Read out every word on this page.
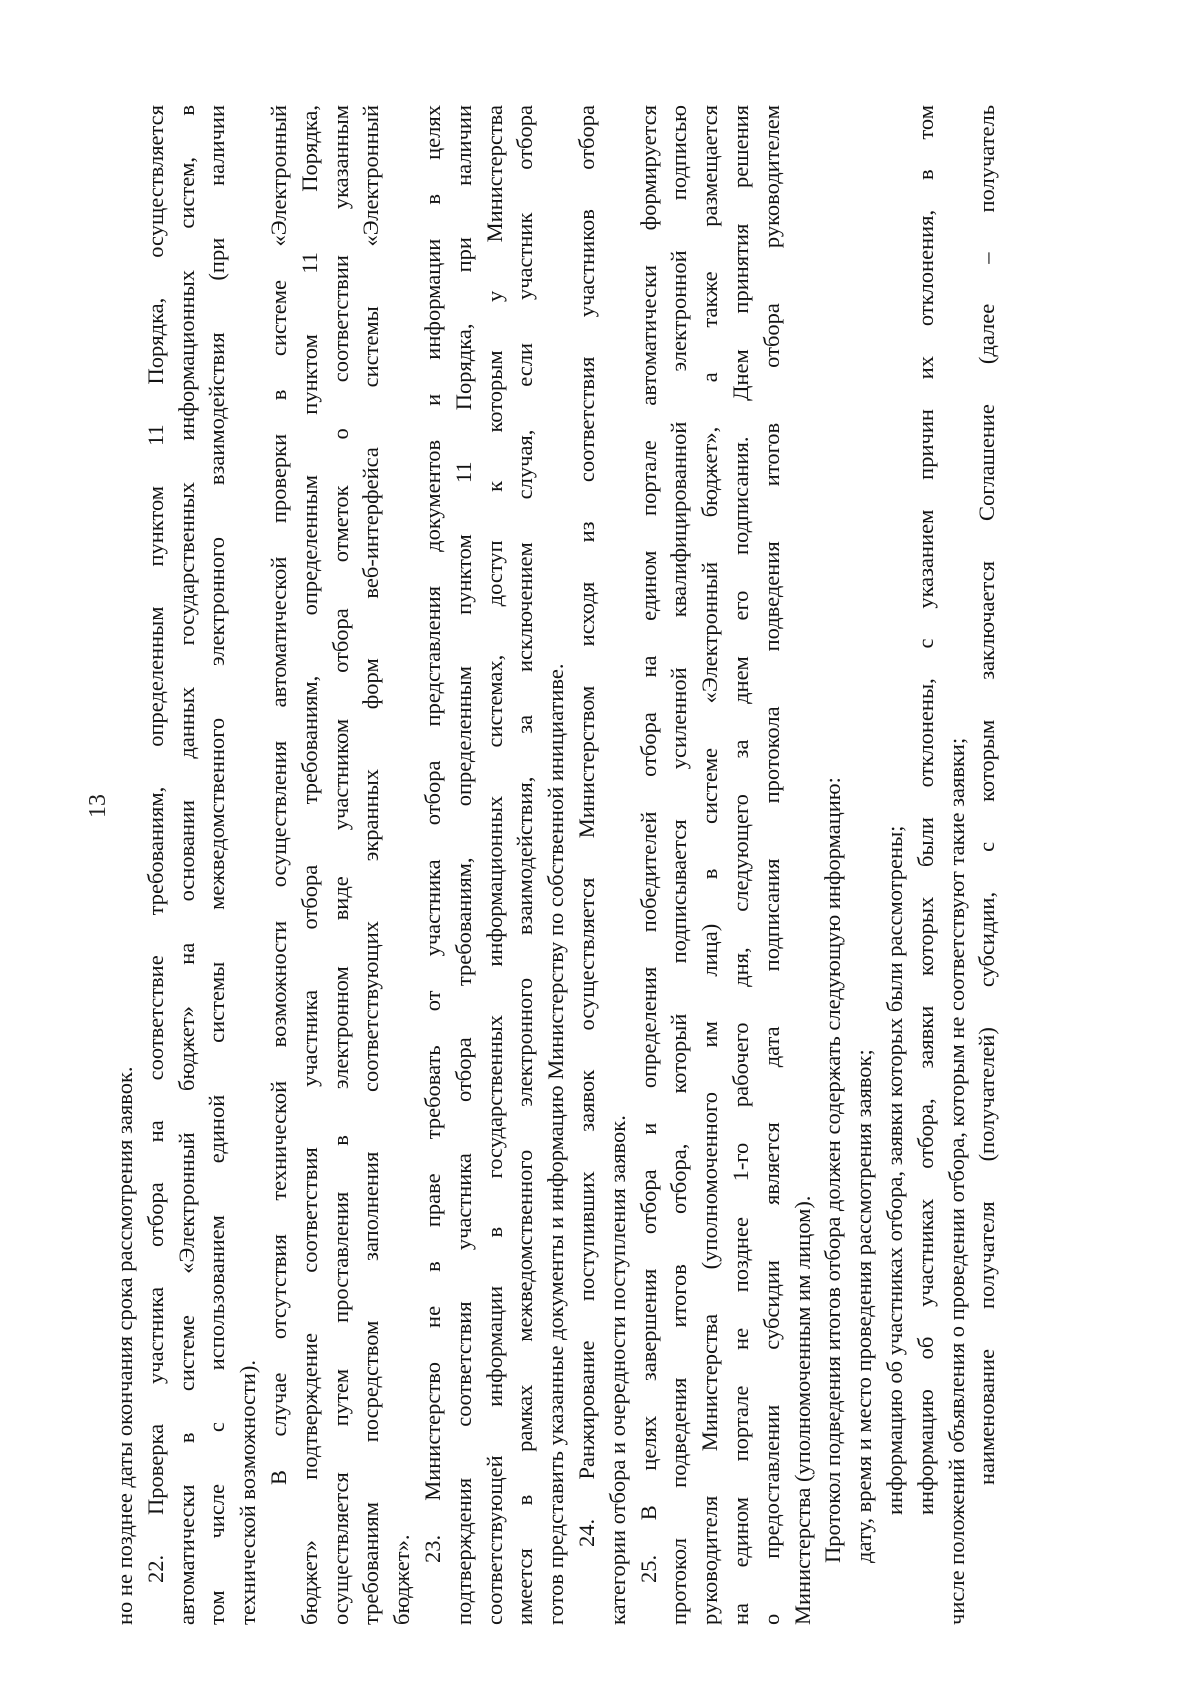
13
но не позднее даты окончания срока рассмотрения заявок. 22. Проверка участника отбора на соответствие требованиям, определенным пунктом 11 Порядка, осуществляется автоматически в системе «Электронный бюджет» на основании данных государственных информационных систем, в том числе с использованием единой системы межведомственного электронного взаимодействия (при наличии технической возможности).
В случае отсутствия технической возможности осуществления автоматической проверки в системе «Электронный бюджет» подтверждение соответствия участника отбора требованиям, определенным пунктом 11 Порядка, осуществляется путем проставления в электронном виде участником отбора отметок о соответствии указанным требованиям посредством заполнения соответствующих экранных форм веб-интерфейса системы «Электронный бюджет».
23. Министерство не в праве требовать от участника отбора представления документов и информации в целях подтверждения соответствия участника отбора требованиям, определенным пунктом 11 Порядка, при наличии соответствующей информации в государственных информационных системах, доступ к которым у Министерства имеется в рамках межведомственного электронного взаимодействия, за исключением случая, если участник отбора готов представить указанные документы и информацию Министерству по собственной инициативе. 24. Ранжирование поступивших заявок осуществляется Министерством исходя из соответствия участников отбора категории отбора и очередности поступления заявок. 25. В целях завершения отбора и определения победителей отбора на едином портале автоматически формируется протокол подведения итогов отбора, который подписывается усиленной квалифицированной электронной подписью руководителя Министерства (уполномоченного им лица) в системе «Электронный бюджет», а также размещается на едином портале не позднее 1-го рабочего дня, следующего за днем его подписания. Днем принятия решения о предоставлении субсидии является дата подписания протокола подведения итогов отбора руководителем Министерства (уполномоченным им лицом). Протокол подведения итогов отбора должен содержать следующую информацию: дату, время и место проведения рассмотрения заявок; информацию об участниках отбора, заявки которых были рассмотрены; информацию об участниках отбора, заявки которых были отклонены, с указанием причин их отклонения, в том числе положений объявления о проведении отбора, которым не соответствуют такие заявки; наименование получателя (получателей) субсидии, с которым заключается Соглашение (далее – получатель
